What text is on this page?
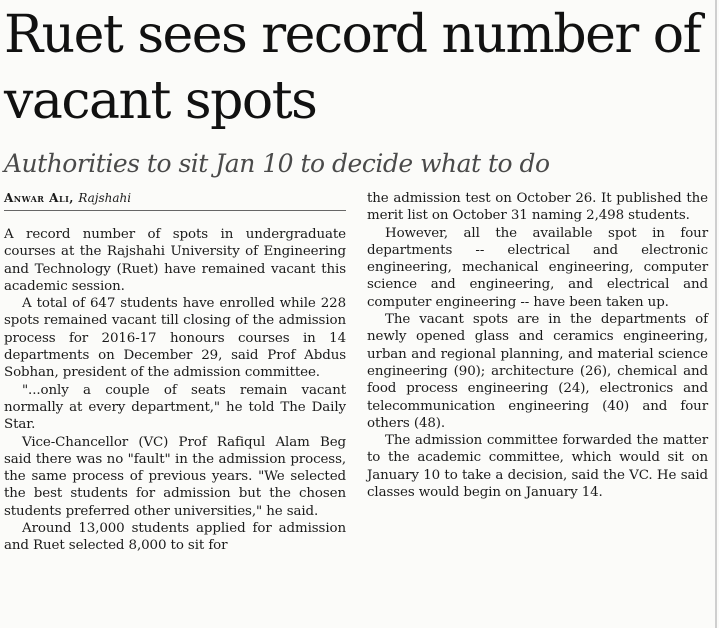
Ruet sees record number of vacant spots
Authorities to sit Jan 10 to decide what to do
Anwar Ali, Rajshahi

A record number of spots in undergraduate courses at the Rajshahi University of Engineering and Technology (Ruet) have remained vacant this academic session.

A total of 647 students have enrolled while 228 spots remained vacant till closing of the admission process for 2016-17 honours courses in 14 departments on December 29, said Prof Abdus Sobhan, president of the admission committee.

"...only a couple of seats remain vacant normally at every department," he told The Daily Star.

Vice-Chancellor (VC) Prof Rafiqul Alam Beg said there was no "fault" in the admission process, the same process of previous years. "We selected the best students for admission but the chosen students preferred other universities," he said.

Around 13,000 students applied for admission and Ruet selected 8,000 to sit for

the admission test on October 26. It published the merit list on October 31 naming 2,498 students.

However, all the available spot in four departments -- electrical and electronic engineering, mechanical engineering, computer science and engineering, and electrical and computer engineering -- have been taken up.

The vacant spots are in the departments of newly opened glass and ceramics engineering, urban and regional planning, and material science engineering (90); architecture (26), chemical and food process engineering (24), electronics and telecommunication engineering (40) and four others (48).

The admission committee forwarded the matter to the academic committee, which would sit on January 10 to take a decision, said the VC. He said classes would begin on January 14.
